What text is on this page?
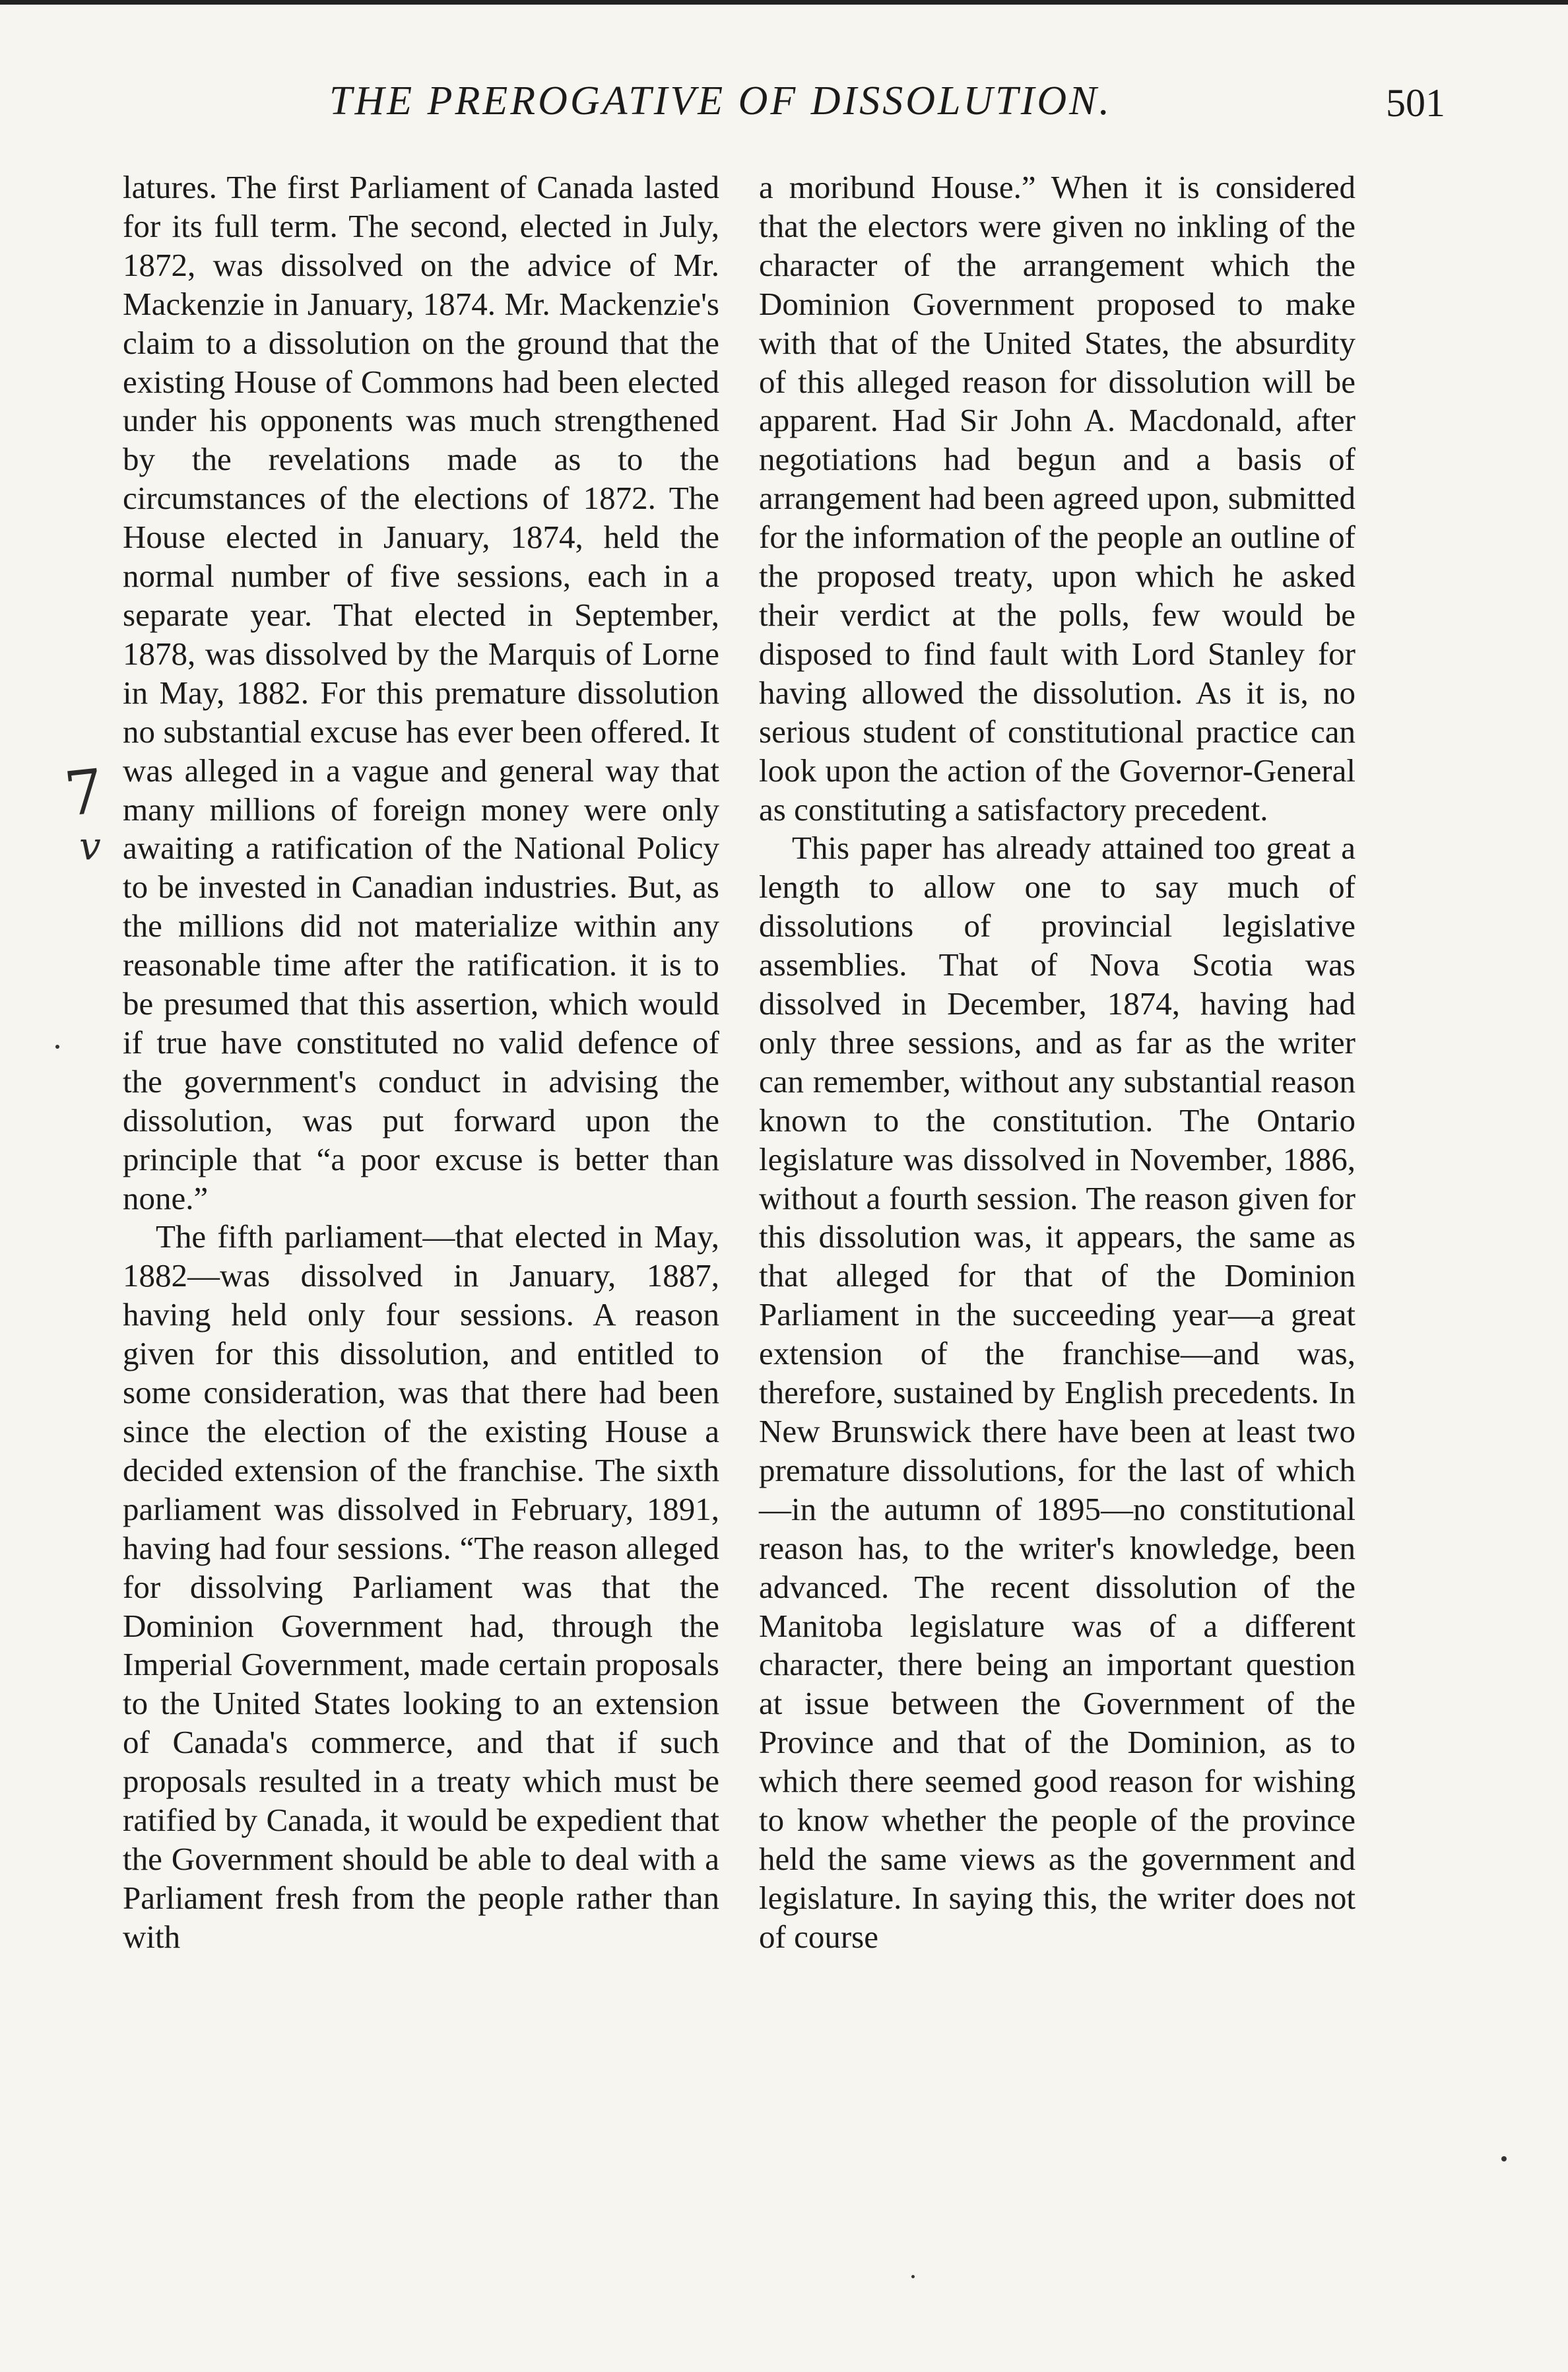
THE PREROGATIVE OF DISSOLUTION.	501
7
v

latures. The first Parliament of Canada lasted for its full term. The second, elected in July, 1872, was dissolved on the advice of Mr. Mackenzie in January, 1874. Mr. Mackenzie's claim to a dissolution on the ground that the existing House of Commons had been elected under his opponents was much strengthened by the revelations made as to the circumstances of the elections of 1872. The House elected in January, 1874, held the normal number of five sessions, each in a separate year. That elected in September, 1878, was dissolved by the Marquis of Lorne in May, 1882. For this premature dissolution no substantial excuse has ever been offered. It was alleged in a vague and general way that many millions of foreign money were only awaiting a ratification of the National Policy to be invested in Canadian industries. But, as the millions did not materialize within any reasonable time after the ratification. it is to be presumed that this assertion, which would if true have constituted no valid defence of the government's conduct in advising the dissolution, was put forward upon the principle that “a poor excuse is better than none.”

The fifth parliament—that elected in May, 1882—was dissolved in January, 1887, having held only four sessions. A reason given for this dissolution, and entitled to some consideration, was that there had been since the election of the existing House a decided extension of the franchise. The sixth parliament was dissolved in February, 1891, having had four sessions. “The reason alleged for dissolving Parliament was that the Dominion Government had, through the Imperial Government, made certain proposals to the United States looking to an extension of Canada's commerce, and that if such proposals resulted in a treaty which must be ratified by Canada, it would be expedient that the Government should be able to deal with a Parliament fresh from the people rather than with

a moribund House.” When it is considered that the electors were given no inkling of the character of the arrangement which the Dominion Government proposed to make with that of the United States, the absurdity of this alleged reason for dissolution will be apparent. Had Sir John A. Macdonald, after negotiations had begun and a basis of arrangement had been agreed upon, submitted for the information of the people an outline of the proposed treaty, upon which he asked their verdict at the polls, few would be disposed to find fault with Lord Stanley for having allowed the dissolution. As it is, no serious student of constitutional practice can look upon the action of the Governor-General as constituting a satisfactory precedent.

This paper has already attained too great a length to allow one to say much of dissolutions of provincial legislative assemblies. That of Nova Scotia was dissolved in December, 1874, having had only three sessions, and as far as the writer can remember, without any substantial reason known to the constitution. The Ontario legislature was dissolved in November, 1886, without a fourth session. The reason given for this dissolution was, it appears, the same as that alleged for that of the Dominion Parliament in the succeeding year—a great extension of the franchise—and was, therefore, sustained by English precedents. In New Brunswick there have been at least two premature dissolutions, for the last of which—in the autumn of 1895—no constitutional reason has, to the writer's knowledge, been advanced. The recent dissolution of the Manitoba legislature was of a different character, there being an important question at issue between the Government of the Province and that of the Dominion, as to which there seemed good reason for wishing to know whether the people of the province held the same views as the government and legislature. In saying this, the writer does not of course
